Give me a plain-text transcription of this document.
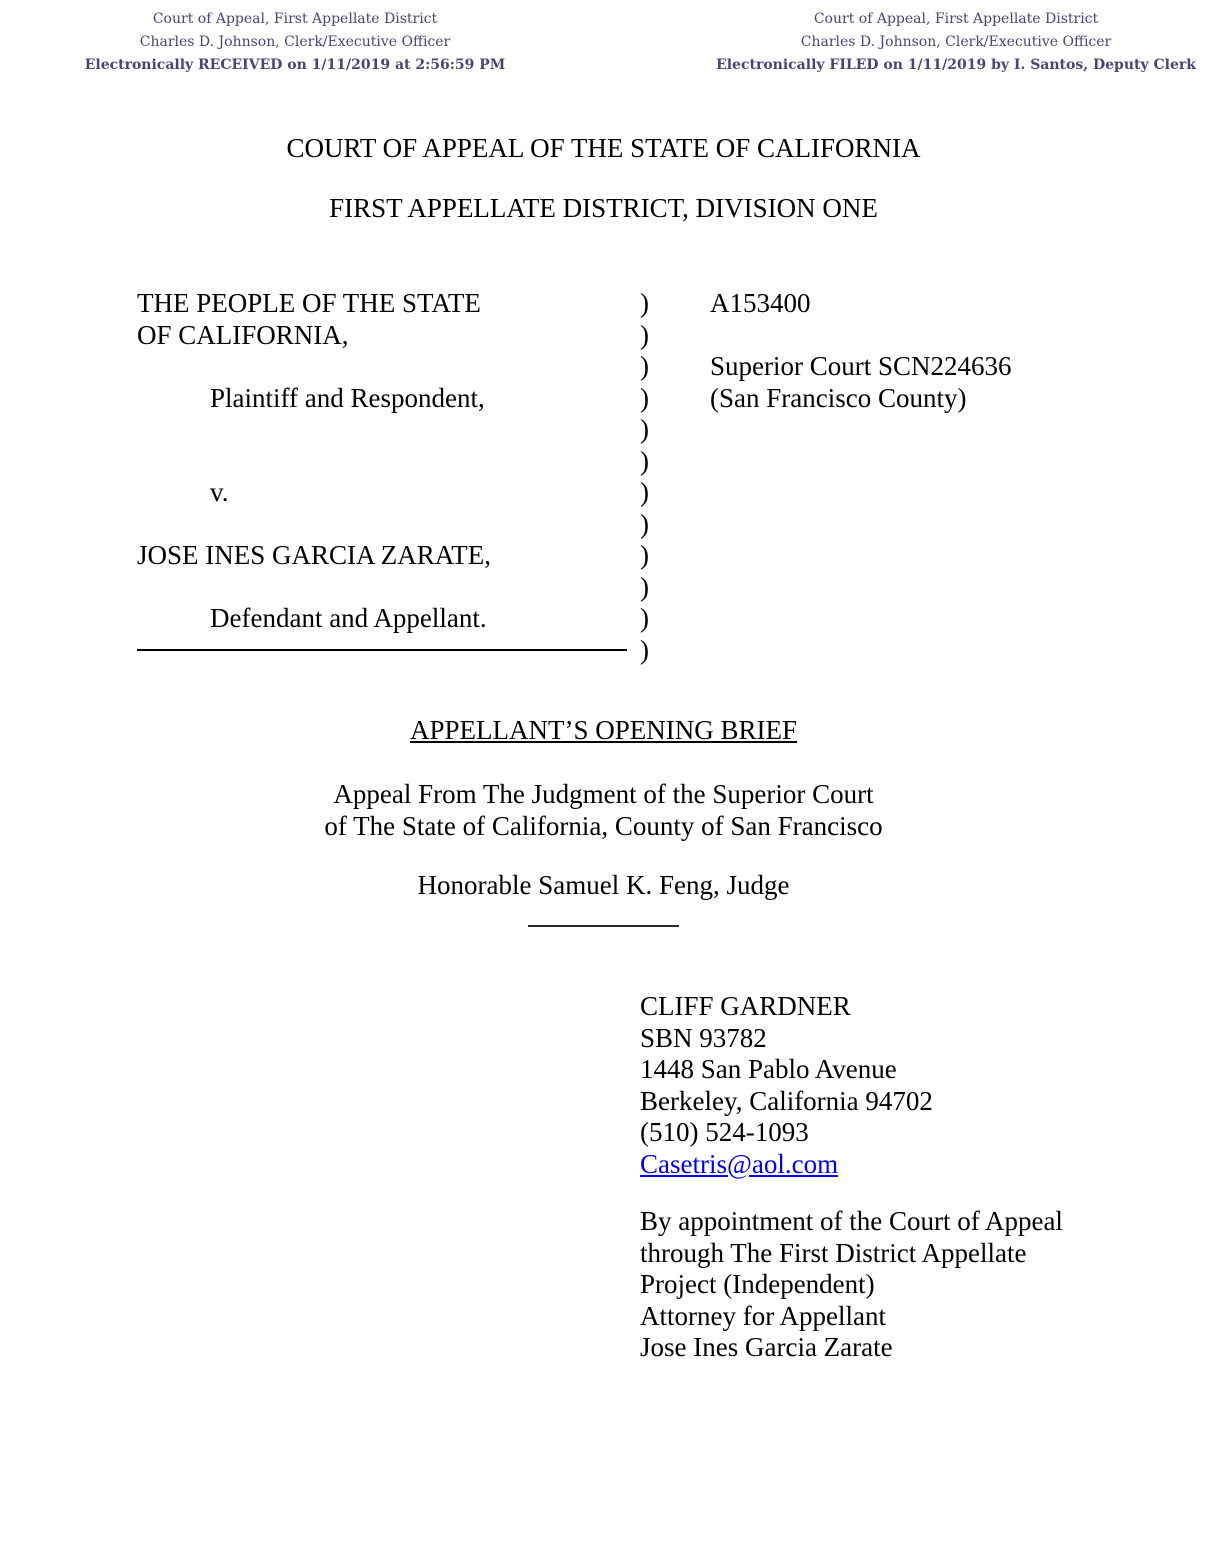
Court of Appeal, First Appellate District
Charles D. Johnson, Clerk/Executive Officer
Electronically RECEIVED on 1/11/2019 at 2:56:59 PM
Court of Appeal, First Appellate District
Charles D. Johnson, Clerk/Executive Officer
Electronically FILED on 1/11/2019 by I. Santos, Deputy Clerk
COURT OF APPEAL OF THE STATE OF CALIFORNIA
FIRST APPELLATE DISTRICT, DIVISION ONE
THE PEOPLE OF THE STATE	) A153400
OF CALIFORNIA,	)
) Superior Court SCN224636
Plaintiff and Respondent,	) (San Francisco County)
)
)
v.	)
)
JOSE INES GARCIA ZARATE,	)
)
Defendant and Appellant.	)
)
APPELLANT’S OPENING BRIEF
Appeal From The Judgment of the Superior Court
of The State of California, County of San Francisco
Honorable Samuel K. Feng, Judge
CLIFF GARDNER
SBN 93782
1448 San Pablo Avenue
Berkeley, California 94702
(510) 524-1093
Casetris@aol.com
By appointment of the Court of Appeal
through The First District Appellate
Project (Independent)
Attorney for Appellant
Jose Ines Garcia Zarate
